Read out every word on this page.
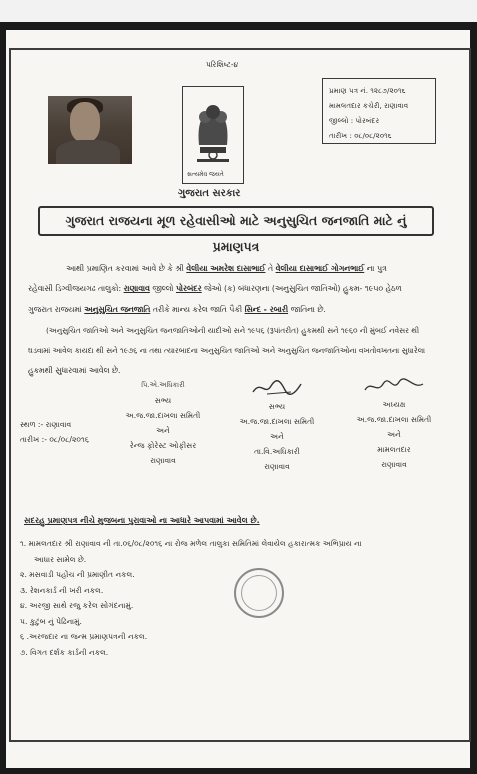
પરિશિષ્ટ-૪
સત્યમેવ જયતે
પ્રમાણ પત્ર નં. ૧૨૮૭/૨૦૧૬
મામલતદાર કચેરી, રાણાવાવ
જીલ્લો : પોરબંદર
તારીખ : ૦૮/૦૮/૨૦૧૬
ગુજરાત સરકાર
ગુજરાત રાજયના મૂળ રહેવાસીઓ માટે અનુસુચિત જનજાતિ માટે નું પ્રમાણપત્ર
આથી પ્રમાણિત કરવામાં આવે છે કે શ્રી વેલીયા અમરેશ દાસાભાઈ તે વેલીયા દાસાભાઈ ગોગનભાઈ ના પુત્ર
રહેવાસી ડિગ્વીજયગઢ તાલુકો: રાણાવાવ જીલ્લો પોરબંદર જેઓ (ક) બંધારણના (અનુસુચિત જાતિઓ) હુકમ- ૧૯૫૦ હેઠળ
ગુજરાત રાજયમાં અનુસુચિત જનજાતિ તરીકે માન્ય કરેલ જાતિ પૈકી સિન્દ - રબારી જાતિના છે.
(અનુસુચિત જાતિઓ અને અનુસુચિત જનજાતિઓની યાદીઓ સને ૧૯૫૬ (રૂપાંતરીત) હુકમથી સને ૧૯૬૦ ની મુંબઈ નવેસર થી
ઘડવામાં આવેલ કાયદા થી સને ૧૯૭૬ ના તથા ત્યારબાદના અનુસુચિત જાતિઓ અને અનુસુચિત જનજાતિઓના વખતોવખતના સુધારેલા
હુકમથી સુધારવામાં આવેલ છે.
સ્થળ :- રાણાવાવ
તારીખ :- ૦૮/૦૮/૨૦૧૬
પિ.એ.અધિકારી
સભ્ય
અ.જ.જા.દાખલા સમિતી
અને
રેન્જ ફોરેસ્ટ ઓફીસર
રાણાવાવ
સભ્ય
અ.જ.જા.દાખલા સમિતી
અને
તા.વિ.અધિકારી
રાણાવાવ
અધ્યક્ષ
અ.જ.જા.દાખલા સમિતી
અને
મામલતદાર
રાણાવાવ
સદરહુ પ્રમાણપત્ર નીચે મુજબના પુરાવાઓ ના આધારે આપવામાં આવેલ છે.
૧. મામલતદાર શ્રી રાણાવાવ ની તા.૦૬/૦૮/૨૦૧૬ ના રોજ મળેલ તાલુકા સમિતિમાં લેવાયેલ હકારાત્મક અભિપ્રાય ના
આધાર સામેલ છે.
૨. મસવાડી પહોંચ ની પ્રમાણીત નકલ.
૩. રેશનકાર્ડ ની ખરી નકલ.
૪. અરજી સાથે રજુ કરેલ સોગંદનામું.
૫. કુટુંબ નું પેઢિનામું.
૬ .અરજદાર ના જન્મ પ્રમાણપત્રની નકલ.
૭. વિગત દર્શક કાર્ડની નકલ.
